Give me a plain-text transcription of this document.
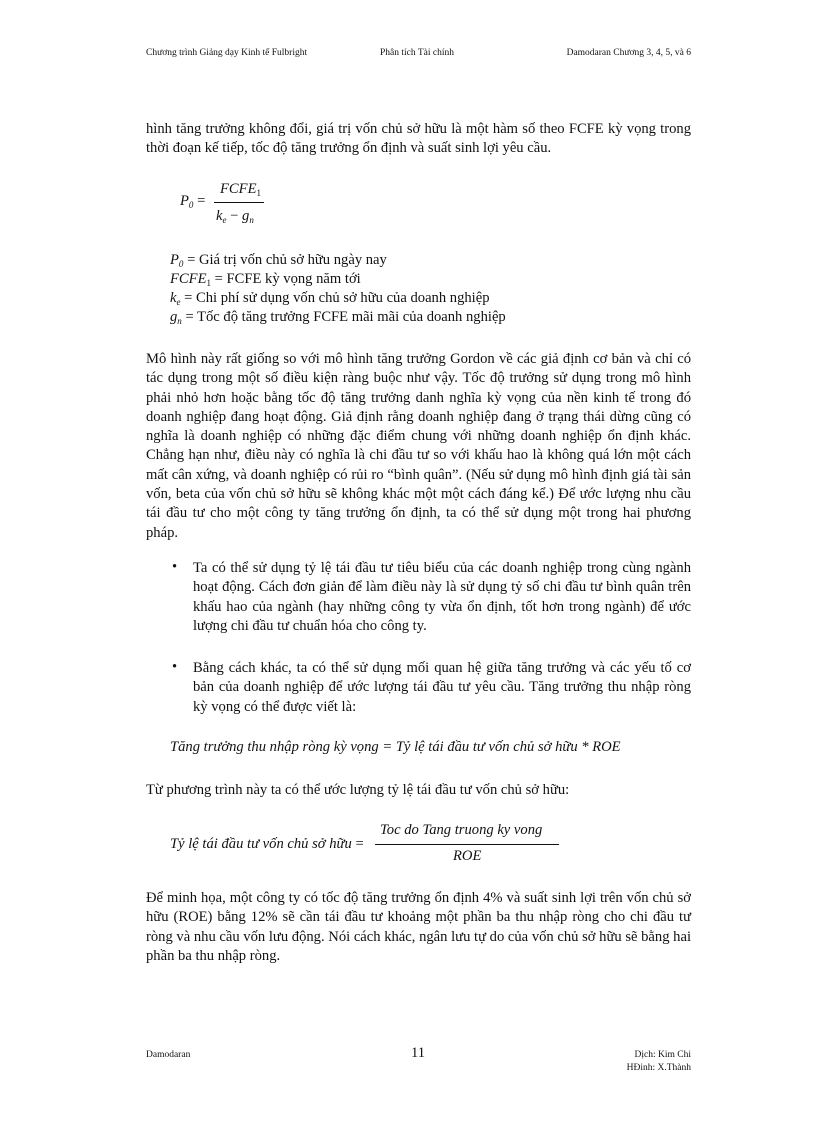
Chương trình Giảng dạy Kinh tế Fulbright	Phân tích Tài chính	Damodaran Chương 3, 4, 5, và 6

hình tăng trưởng không đổi, giá trị vốn chủ sở hữu là một hàm số theo FCFE kỳ vọng trong thời đoạn kế tiếp, tốc độ tăng trưởng ổn định và suất sinh lợi yêu cầu.

$P_0$ =
$FCFE_1$
$k_e - g_n$
$P_0$ = Giá trị vốn chủ sở hữu ngày nay
$FCFE_1$ = FCFE kỳ vọng năm tới
$k_e$ = Chi phí sử dụng vốn chủ sở hữu của doanh nghiệp
$g_n$ = Tốc độ tăng trưởng FCFE mãi mãi của doanh nghiệp

Mô hình này rất giống so với mô hình tăng trưởng Gordon về các giả định cơ bản và chỉ có tác dụng trong một số điều kiện ràng buộc như vậy. Tốc độ trưởng sử dụng trong mô hình phải nhỏ hơn hoặc bằng tốc độ tăng trưởng danh nghĩa kỳ vọng của nền kinh tế trong đó doanh nghiệp đang hoạt động. Giả định rằng doanh nghiệp đang ở trạng thái dừng cũng có nghĩa là doanh nghiệp có những đặc điểm chung với những doanh nghiệp ổn định khác. Chẳng hạn như, điều này có nghĩa là chi đầu tư so với khấu hao là không quá lớn một cách mất cân xứng, và doanh nghiệp có rủi ro “bình quân”. (Nếu sử dụng mô hình định giá tài sản vốn, beta của vốn chủ sở hữu sẽ không khác một một cách đáng kể.) Để ước lượng nhu cầu tái đầu tư cho một công ty tăng trưởng ổn định, ta có thể sử dụng một trong hai phương pháp.

• Ta có thể sử dụng tỷ lệ tái đầu tư tiêu biểu của các doanh nghiệp trong cùng ngành hoạt động. Cách đơn giản để làm điều này là sử dụng tỷ số chi đầu tư bình quân trên khấu hao của ngành (hay những công ty vừa ổn định, tốt hơn trong ngành) để ước lượng chi đầu tư chuẩn hóa cho công ty.

• Bằng cách khác, ta có thể sử dụng mối quan hệ giữa tăng trưởng và các yếu tố cơ bản của doanh nghiệp để ước lượng tái đầu tư yêu cầu. Tăng trưởng thu nhập ròng kỳ vọng có thể được viết là:

Tăng trưởng thu nhập ròng kỳ vọng = Tỷ lệ tái đầu tư vốn chủ sở hữu * ROE

Từ phương trình này ta có thể ước lượng tỷ lệ tái đầu tư vốn chủ sở hữu:

Tỷ lệ tái đầu tư vốn chủ sở hữu =
Toc do Tang truong ky vong
ROE

Để minh họa, một công ty có tốc độ tăng trưởng ổn định 4% và suất sinh lợi trên vốn chủ sở hữu (ROE) bằng 12% sẽ cần tái đầu tư khoảng một phần ba thu nhập ròng cho chi đầu tư ròng và nhu cầu vốn lưu động. Nói cách khác, ngân lưu tự do của vốn chủ sở hữu sẽ bằng hai phần ba thu nhập ròng.

Damodaran	11	Dịch: Kim Chi
HĐinh: X.Thành
